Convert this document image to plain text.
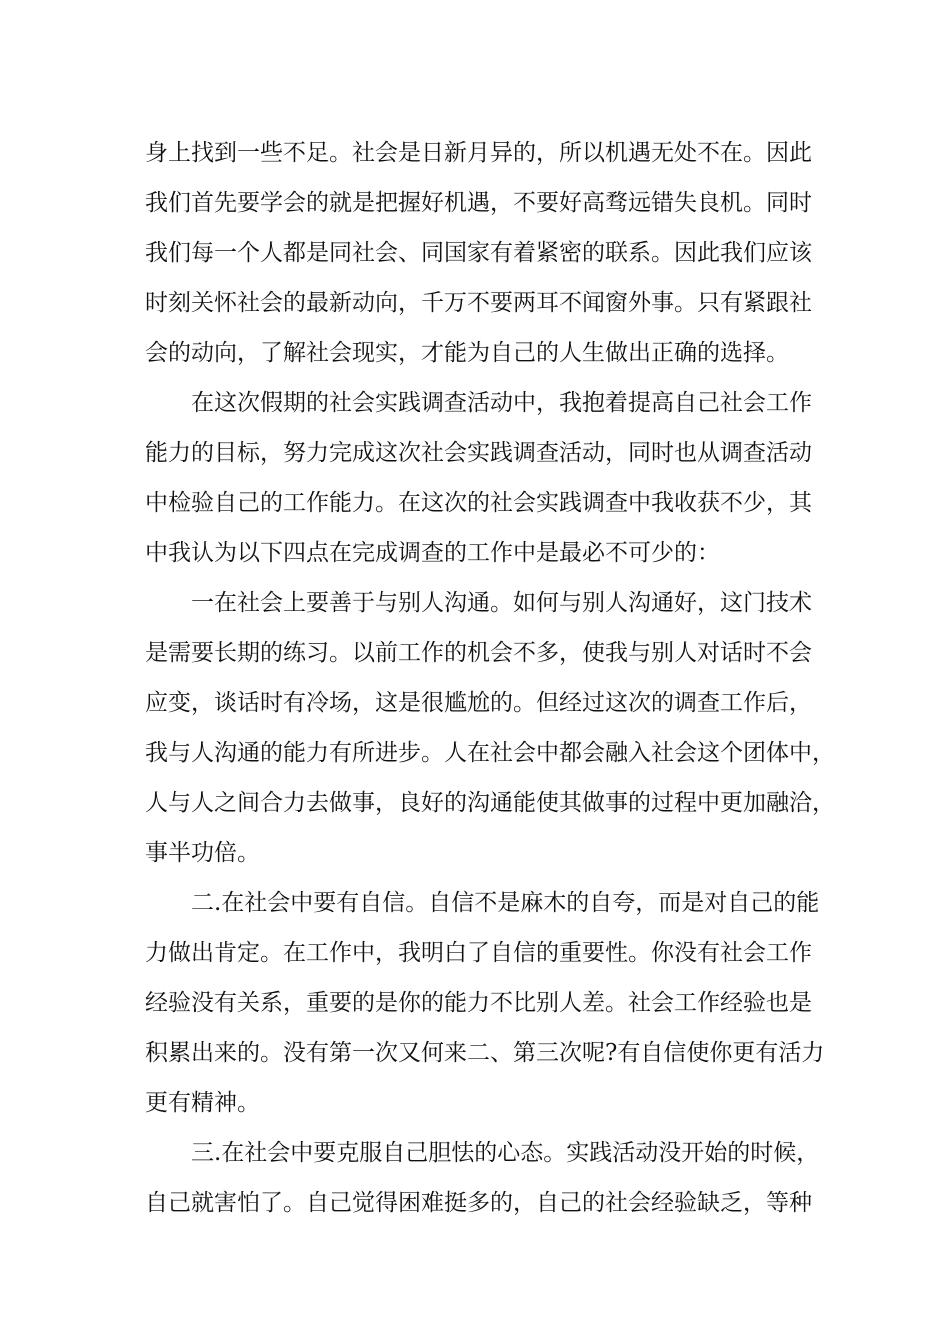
身上找到一些不足。社会是日新月异的，所以机遇无处不在。因此
我们首先要学会的就是把握好机遇，不要好高骛远错失良机。同时
我们每一个人都是同社会、同国家有着紧密的联系。因此我们应该
时刻关怀社会的最新动向，千万不要两耳不闻窗外事。只有紧跟社
会的动向，了解社会现实，才能为自己的人生做出正确的选择。
在这次假期的社会实践调查活动中，我抱着提高自己社会工作
能力的目标，努力完成这次社会实践调查活动，同时也从调查活动
中检验自己的工作能力。在这次的社会实践调查中我收获不少，其
中我认为以下四点在完成调查的工作中是最必不可少的：
一在社会上要善于与别人沟通。如何与别人沟通好，这门技术
是需要长期的练习。以前工作的机会不多，使我与别人对话时不会
应变，谈话时有冷场，这是很尴尬的。但经过这次的调查工作后，
我与人沟通的能力有所进步。人在社会中都会融入社会这个团体中，
人与人之间合力去做事，良好的沟通能使其做事的过程中更加融洽，
事半功倍。
二.在社会中要有自信。自信不是麻木的自夸，而是对自己的能
力做出肯定。在工作中，我明白了自信的重要性。你没有社会工作
经验没有关系，重要的是你的能力不比别人差。社会工作经验也是
积累出来的。没有第一次又何来二、第三次呢?有自信使你更有活力
更有精神。
三.在社会中要克服自己胆怯的心态。实践活动没开始的时候，
自己就害怕了。自己觉得困难挺多的，自己的社会经验缺乏，等种
